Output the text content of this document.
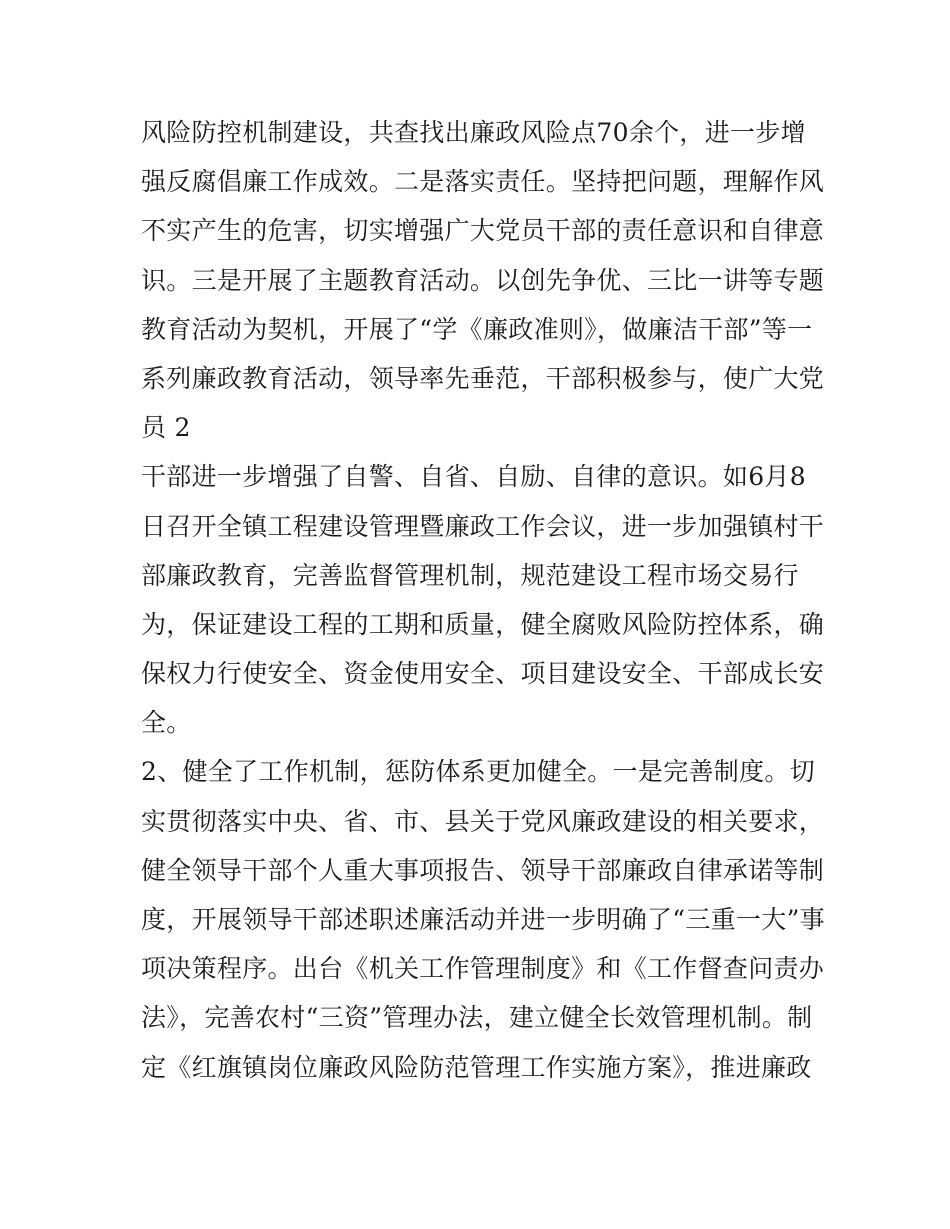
风险防控机制建设，共查找出廉政风险点70余个，进一步增
强反腐倡廉工作成效。二是落实责任。坚持把问题，理解作风
不实产生的危害，切实增强广大党员干部的责任意识和自律意
识。三是开展了主题教育活动。以创先争优、三比一讲等专题
教育活动为契机，开展了“学《廉政准则》，做廉洁干部”等一
系列廉政教育活动，领导率先垂范，干部积极参与，使广大党
员 2
干部进一步增强了自警、自省、自励、自律的意识。如6月8
日召开全镇工程建设管理暨廉政工作会议，进一步加强镇村干
部廉政教育，完善监督管理机制，规范建设工程市场交易行
为，保证建设工程的工期和质量，健全腐败风险防控体系，确
保权力行使安全、资金使用安全、项目建设安全、干部成长安
全。
2、健全了工作机制，惩防体系更加健全。一是完善制度。切
实贯彻落实中央、省、市、县关于党风廉政建设的相关要求，
健全领导干部个人重大事项报告、领导干部廉政自律承诺等制
度，开展领导干部述职述廉活动并进一步明确了“三重一大”事
项决策程序。出台《机关工作管理制度》和《工作督查问责办
法》，完善农村“三资”管理办法，建立健全长效管理机制。制
定《红旗镇岗位廉政风险防范管理工作实施方案》，推进廉政
